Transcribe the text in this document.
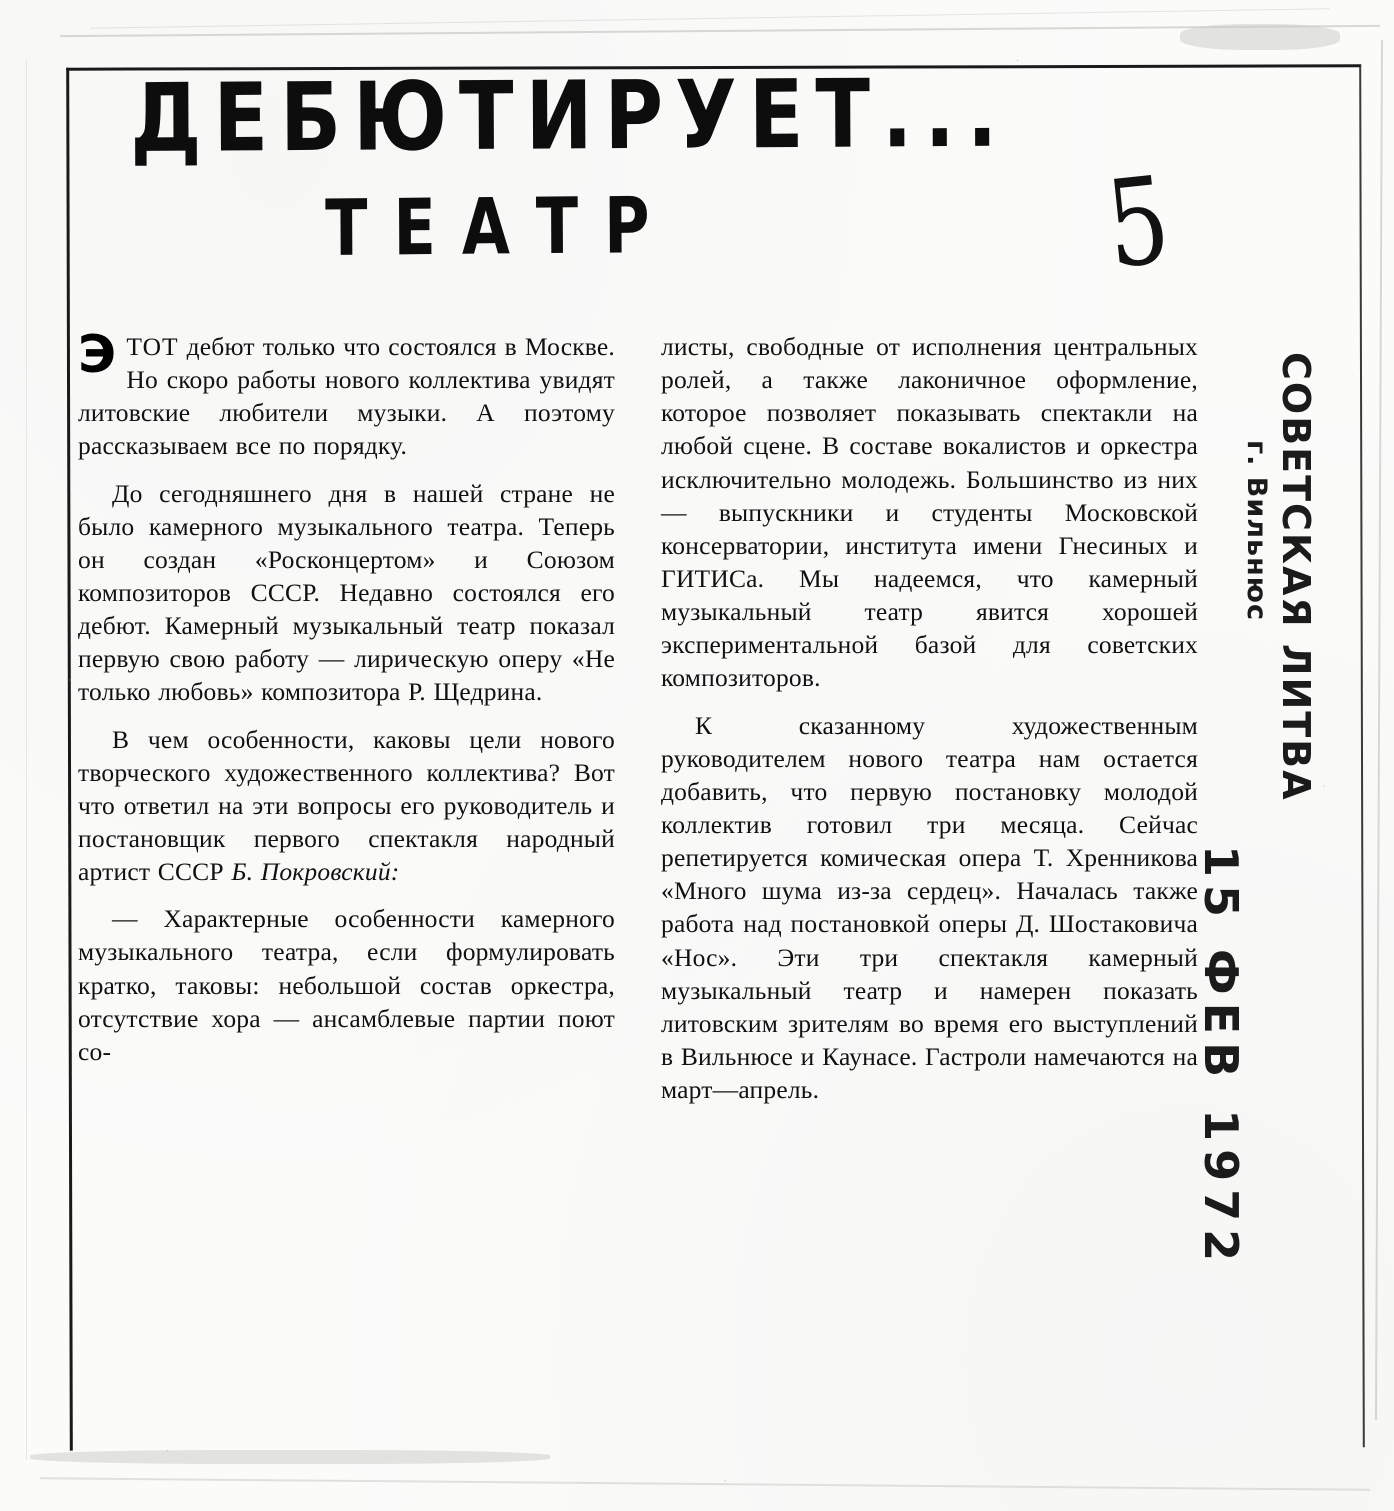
ДЕБЮТИРУЕТ...
ТЕАТР	5

ЭТОТ дебют только что состоялся в Москве. Но скоро работы нового коллектива увидят литовские любители музыки. А поэтому рассказываем все по порядку.

До сегодняшнего дня в нашей стране не было камерного музыкального театра. Теперь он создан «Росконцертом» и Союзом композиторов СССР. Недавно состоялся его дебют. Камерный музыкальный театр показал первую свою работу — лирическую оперу «Не только любовь» композитора Р. Щедрина.

В чем особенности, каковы цели нового творческого художественного коллектива? Вот что ответил на эти вопросы его руководитель и постановщик первого спектакля народный артист СССР Б. Покровский:

— Характерные особенности камерного музыкального театра, если формулировать кратко, таковы: небольшой состав оркестра, отсутствие хора — ансамблевые партии поют со-

листы, свободные от исполнения центральных ролей, а также лаконичное оформление, которое позволяет показывать спектакли на любой сцене. В составе вокалистов и оркестра исключительно молодежь. Большинство из них — выпускники и студенты Московской консерватории, института имени Гнесиных и ГИТИСа. Мы надеемся, что камерный музыкальный театр явится хорошей экспериментальной базой для советских композиторов.

К сказанному художественным руководителем нового театра нам остается добавить, что первую постановку молодой коллектив готовил три месяца. Сейчас репетируется комическая опера Т. Хренникова «Много шума из-за сердец». Началась также работа над постановкой оперы Д. Шостаковича «Нос». Эти три спектакля камерный музыкальный театр и намерен показать литовским зрителям во время его выступлений в Вильнюсе и Каунасе. Гастроли намечаются на март—апрель.

СОВЕТСКАЯ ЛИТВА
г. Вильнюс
15 ФЕВ 1972
